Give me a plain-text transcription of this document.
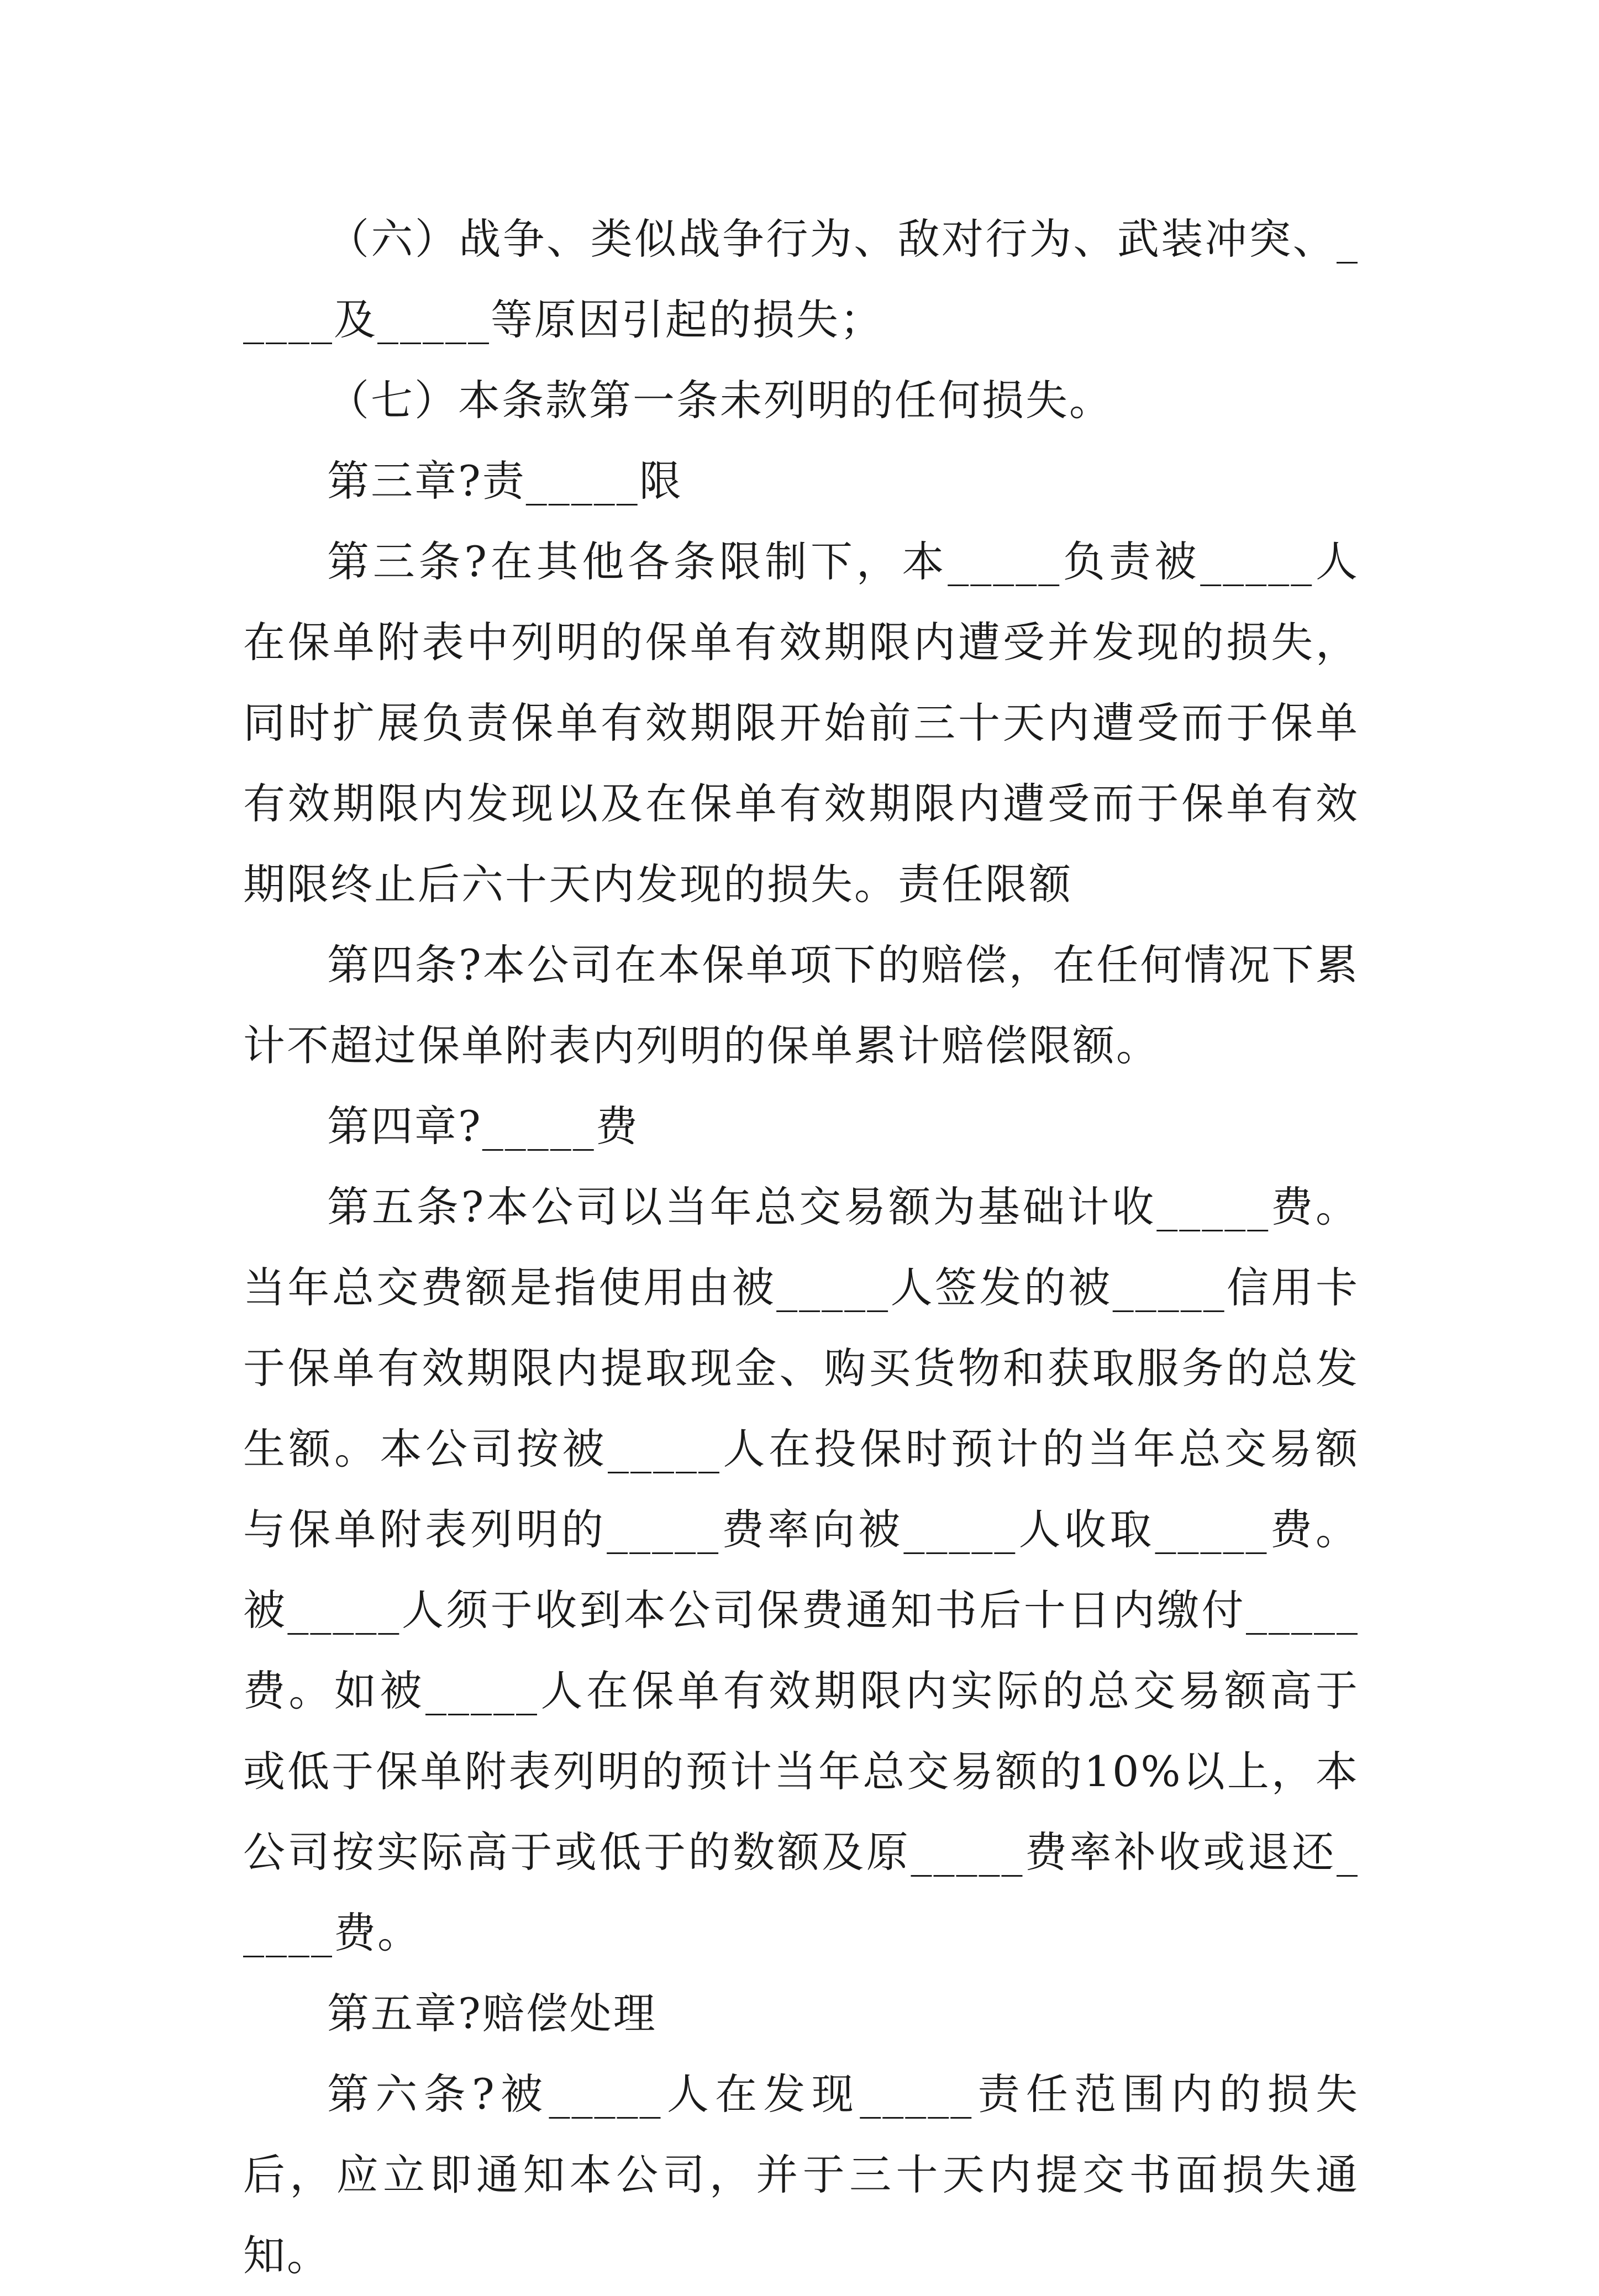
（六）战争、类似战争行为、敌对行为、武装冲突、_____及_____等原因引起的损失；

（七）本条款第一条未列明的任何损失。

第三章?责_____限

第三条?在其他各条限制下，本_____负责被_____人在保单附表中列明的保单有效期限内遭受并发现的损失，同时扩展负责保单有效期限开始前三十天内遭受而于保单有效期限内发现以及在保单有效期限内遭受而于保单有效期限终止后六十天内发现的损失。责任限额

第四条?本公司在本保单项下的赔偿，在任何情况下累计不超过保单附表内列明的保单累计赔偿限额。

第四章?_____费

第五条?本公司以当年总交易额为基础计收_____费。当年总交费额是指使用由被_____人签发的被_____信用卡于保单有效期限内提取现金、购买货物和获取服务的总发生额。本公司按被_____人在投保时预计的当年总交易额与保单附表列明的_____费率向被_____人收取_____费。被_____人须于收到本公司保费通知书后十日内缴付_____费。如被_____人在保单有效期限内实际的总交易额高于或低于保单附表列明的预计当年总交易额的10%以上，本公司按实际高于或低于的数额及原_____费率补收或退还_____费。

第五章?赔偿处理

第六条?被_____人在发现_____责任范围内的损失后，应立即通知本公司，并于三十天内提交书面损失通知。
